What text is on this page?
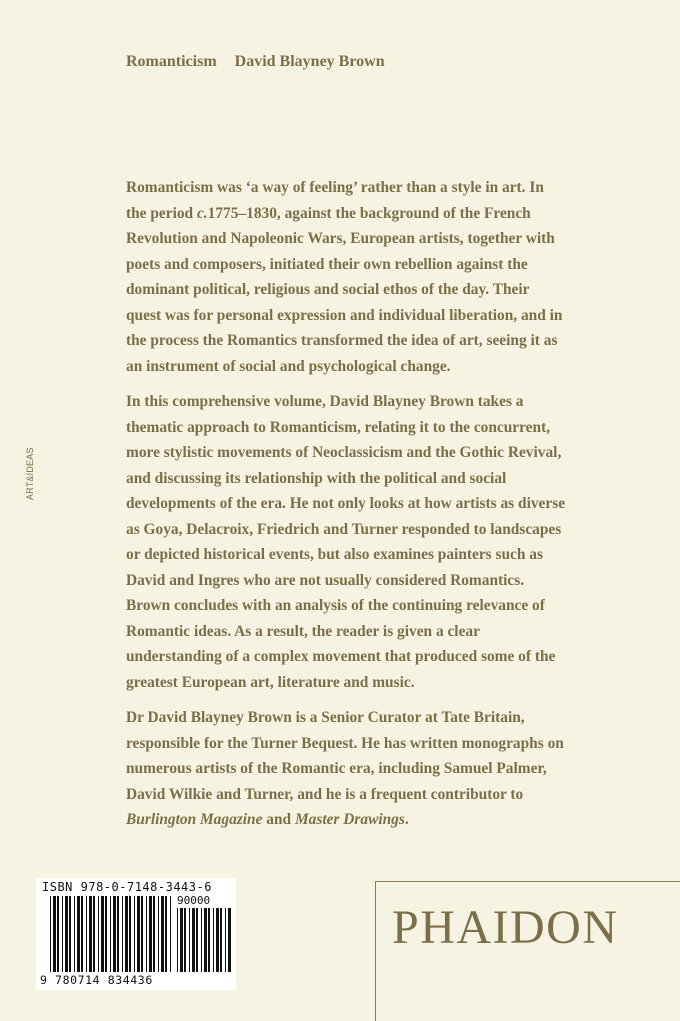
Romanticism David Blayney Brown

Romanticism was ‘a way of feeling’ rather than a style in art. In the period c.1775–1830, against the background of the French Revolution and Napoleonic Wars, European artists, together with poets and composers, initiated their own rebellion against the dominant political, religious and social ethos of the day. Their quest was for personal expression and individual liberation, and in the process the Romantics transformed the idea of art, seeing it as an instrument of social and psychological change.

In this comprehensive volume, David Blayney Brown takes a thematic approach to Romanticism, relating it to the concurrent, more stylistic movements of Neoclassicism and the Gothic Revival, and discussing its relationship with the political and social developments of the era. He not only looks at how artists as diverse as Goya, Delacroix, Friedrich and Turner responded to landscapes or depicted historical events, but also examines painters such as David and Ingres who are not usually considered Romantics. Brown concludes with an analysis of the continuing relevance of Romantic ideas. As a result, the reader is given a clear understanding of a complex movement that produced some of the greatest European art, literature and music.

Dr David Blayney Brown is a Senior Curator at Tate Britain, responsible for the Turner Bequest. He has written monographs on numerous artists of the Romantic era, including Samuel Palmer, David Wilkie and Turner, and he is a frequent contributor to Burlington Magazine and Master Drawings.

ART&IDEAS
ISBN 978-0-7148-3443-6
90000
9 780714 834436
PHAIDON
